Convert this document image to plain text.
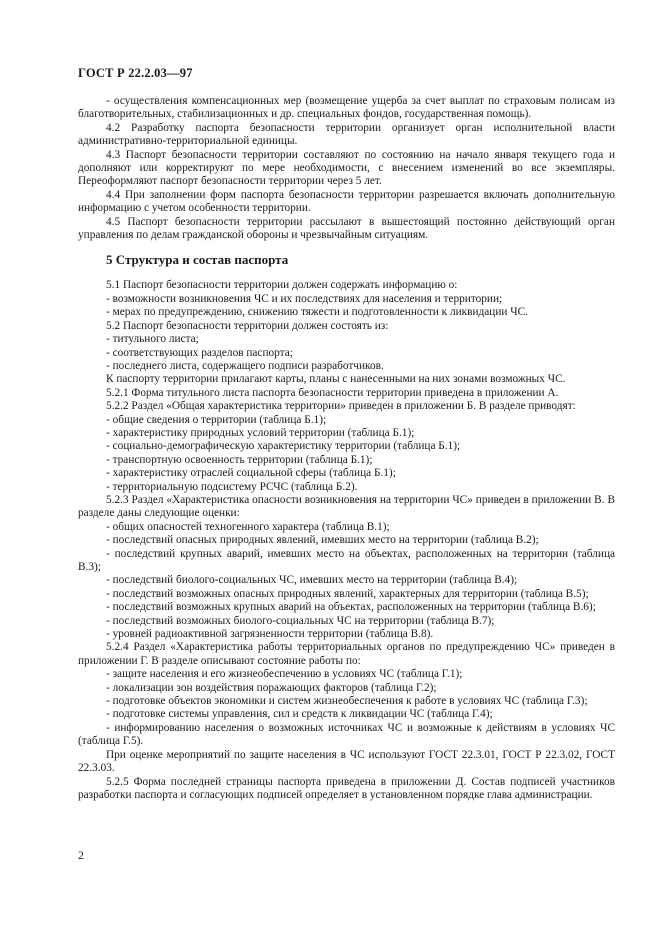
ГОСТ Р 22.2.03—97

- осуществления компенсационных мер (возмещение ущерба за счет выплат по страховым полисам из благотворительных, стабилизационных и др. специальных фондов, государственная помощь).

4.2 Разработку паспорта безопасности территории организует орган исполнительной власти административно-территориальной единицы.

4.3 Паспорт безопасности территории составляют по состоянию на начало января текущего года и дополняют или корректируют по мере необходимости, с внесением изменений во все экземпляры. Переоформляют паспорт безопасности территории через 5 лет.

4.4 При заполнении форм паспорта безопасности территории разрешается включать дополнительную информацию с учетом особенности территории.

4.5 Паспорт безопасности территории рассылают в вышестоящий постоянно действующий орган управления по делам гражданской обороны и чрезвычайным ситуациям.

5 Структура и состав паспорта

5.1 Паспорт безопасности территории должен содержать информацию о:

- возможности возникновения ЧС и их последствиях для населения и территории;

- мерах по предупреждению, снижению тяжести и подготовленности к ликвидации ЧС.

5.2 Паспорт безопасности территории должен состоять из:

- титульного листа;

- соответствующих разделов паспорта;

- последнего листа, содержащего подписи разработчиков.

К паспорту территории прилагают карты, планы с нанесенными на них зонами возможных ЧС.

5.2.1 Форма титульного листа паспорта безопасности территории приведена в приложении А.

5.2.2 Раздел «Общая характеристика территории» приведен в приложении Б. В разделе приводят:

- общие сведения о территории (таблица Б.1);

- характеристику природных условий территории (таблица Б.1);

- социально-демографическую характеристику территории (таблица Б.1);

- транспортную освоенность территории (таблица Б.1);

- характеристику отраслей социальной сферы (таблица Б.1);

- территориальную подсистему РСЧС (таблица Б.2).

5.2.3 Раздел «Характеристика опасности возникновения на территории ЧС» приведен в приложении В. В разделе даны следующие оценки:

- общих опасностей техногенного характера (таблица В.1);

- последствий опасных природных явлений, имевших место на территории (таблица В.2);

- последствий крупных аварий, имевших место на объектах, расположенных на территории (таблица В.3);

- последствий биолого-социальных ЧС, имевших место на территории (таблица В.4);

- последствий возможных опасных природных явлений, характерных для территории (таблица В.5);

- последствий возможных крупных аварий на объектах, расположенных на территории (таблица В.6);

- последствий возможных биолого-социальных ЧС на территории (таблица В.7);

- уровней радиоактивной загрязненности территории (таблица В.8).

5.2.4 Раздел «Характеристика работы территориальных органов по предупреждению ЧС» приведен в приложении Г. В разделе описывают состояние работы по:

- защите населения и его жизнеобеспечению в условиях ЧС (таблица Г.1);

- локализации зон воздействия поражающих факторов (таблица Г.2);

- подготовке объектов экономики и систем жизнеобеспечения к работе в условиях ЧС (таблица Г.3);

- подготовке системы управления, сил и средств к ликвидации ЧС (таблица Г.4);

- информированию населения о возможных источниках ЧС и возможные к действиям в условиях ЧС (таблица Г.5).

При оценке мероприятий по защите населения в ЧС используют ГОСТ 22.3.01, ГОСТ Р 22.3.02, ГОСТ 22.3.03.

5.2.5 Форма последней страницы паспорта приведена в приложении Д. Состав подписей участников разработки паспорта и согласующих подписей определяет в установленном порядке глава администрации.

2
